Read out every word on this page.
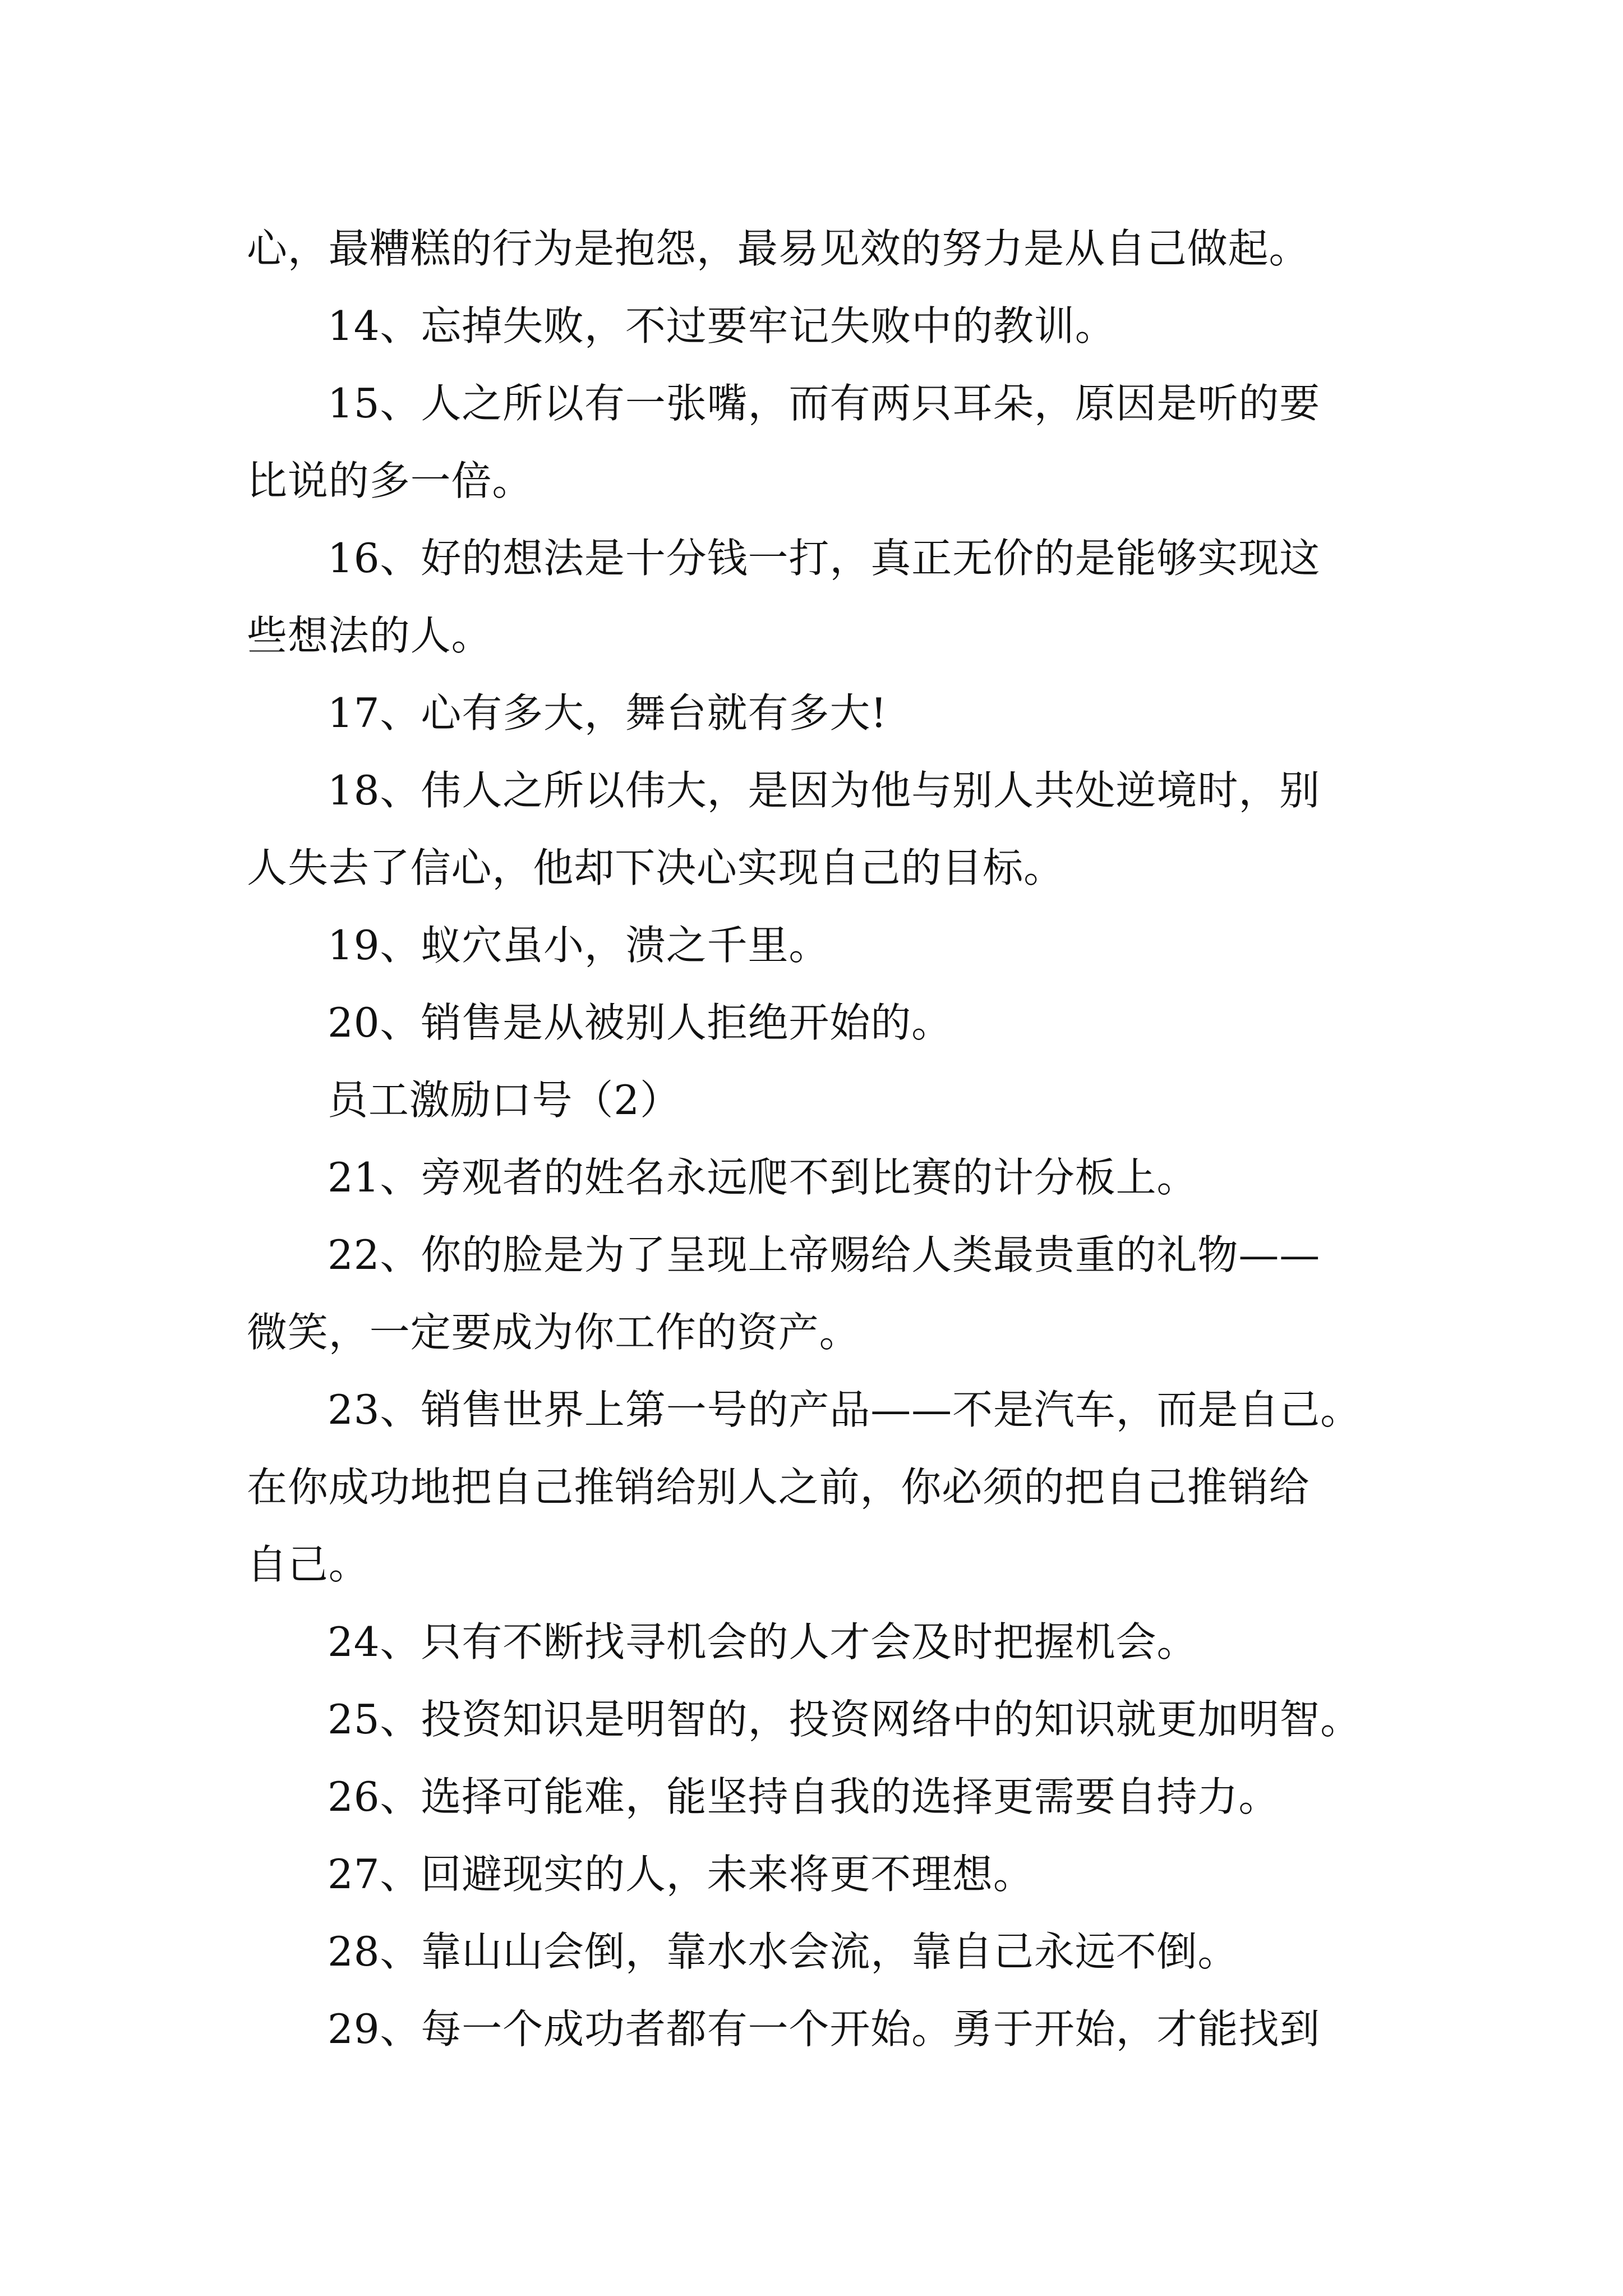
心，最糟糕的行为是抱怨，最易见效的努力是从自己做起。
14、忘掉失败，不过要牢记失败中的教训。
15、人之所以有一张嘴，而有两只耳朵，原因是听的要
比说的多一倍。
16、好的想法是十分钱一打，真正无价的是能够实现这
些想法的人。
17、心有多大，舞台就有多大!
18、伟人之所以伟大，是因为他与别人共处逆境时，别
人失去了信心，他却下决心实现自己的目标。
19、蚁穴虽小，溃之千里。
20、销售是从被别人拒绝开始的。
员工激励口号（2）
21、旁观者的姓名永远爬不到比赛的计分板上。
22、你的脸是为了呈现上帝赐给人类最贵重的礼物——
微笑，一定要成为你工作的资产。
23、销售世界上第一号的产品——不是汽车，而是自己。
在你成功地把自己推销给别人之前，你必须的把自己推销给
自己。
24、只有不断找寻机会的人才会及时把握机会。
25、投资知识是明智的，投资网络中的知识就更加明智。
26、选择可能难，能坚持自我的选择更需要自持力。
27、回避现实的人，未来将更不理想。
28、靠山山会倒，靠水水会流，靠自己永远不倒。
29、每一个成功者都有一个开始。勇于开始，才能找到
